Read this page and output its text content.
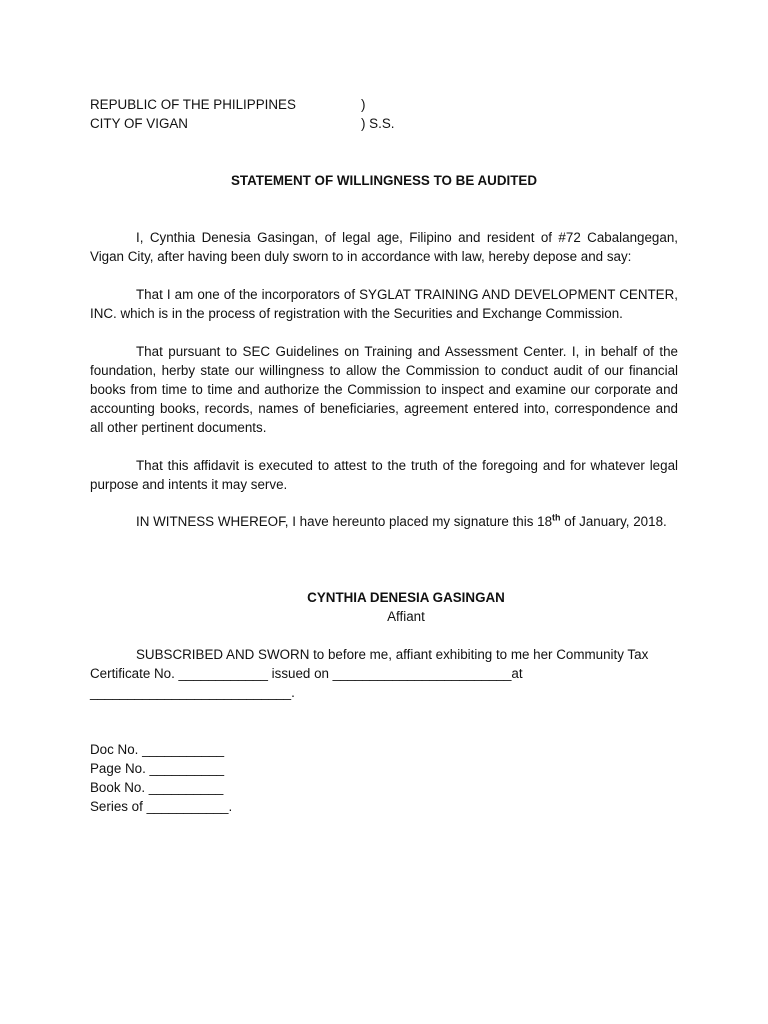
REPUBLIC OF THE PHILIPPINES	)
CITY OF VIGAN	) S.S.
STATEMENT OF WILLINGNESS TO BE AUDITED
I, Cynthia Denesia Gasingan, of legal age, Filipino and resident of #72 Cabalangegan, Vigan City, after having been duly sworn to in accordance with law, hereby depose and say:
That I am one of the incorporators of SYGLAT TRAINING AND DEVELOPMENT CENTER, INC. which is in the process of registration with the Securities and Exchange Commission.
That pursuant to SEC Guidelines on Training and Assessment Center. I, in behalf of the foundation, herby state our willingness to allow the Commission to conduct audit of our financial books from time to time and authorize the Commission to inspect and examine our corporate and accounting books, records, names of beneficiaries, agreement entered into, correspondence and all other pertinent documents.
That this affidavit is executed to attest to the truth of the foregoing and for whatever legal purpose and intents it may serve.
IN WITNESS WHEREOF, I have hereunto placed my signature this 18th of January, 2018.
CYNTHIA DENESIA GASINGAN
Affiant
SUBSCRIBED AND SWORN to before me, affiant exhibiting to me her Community Tax
Certificate No. ____________ issued on ________________________at
___________________________.
Doc No. ___________
Page No. __________
Book No. __________
Series of ___________.
